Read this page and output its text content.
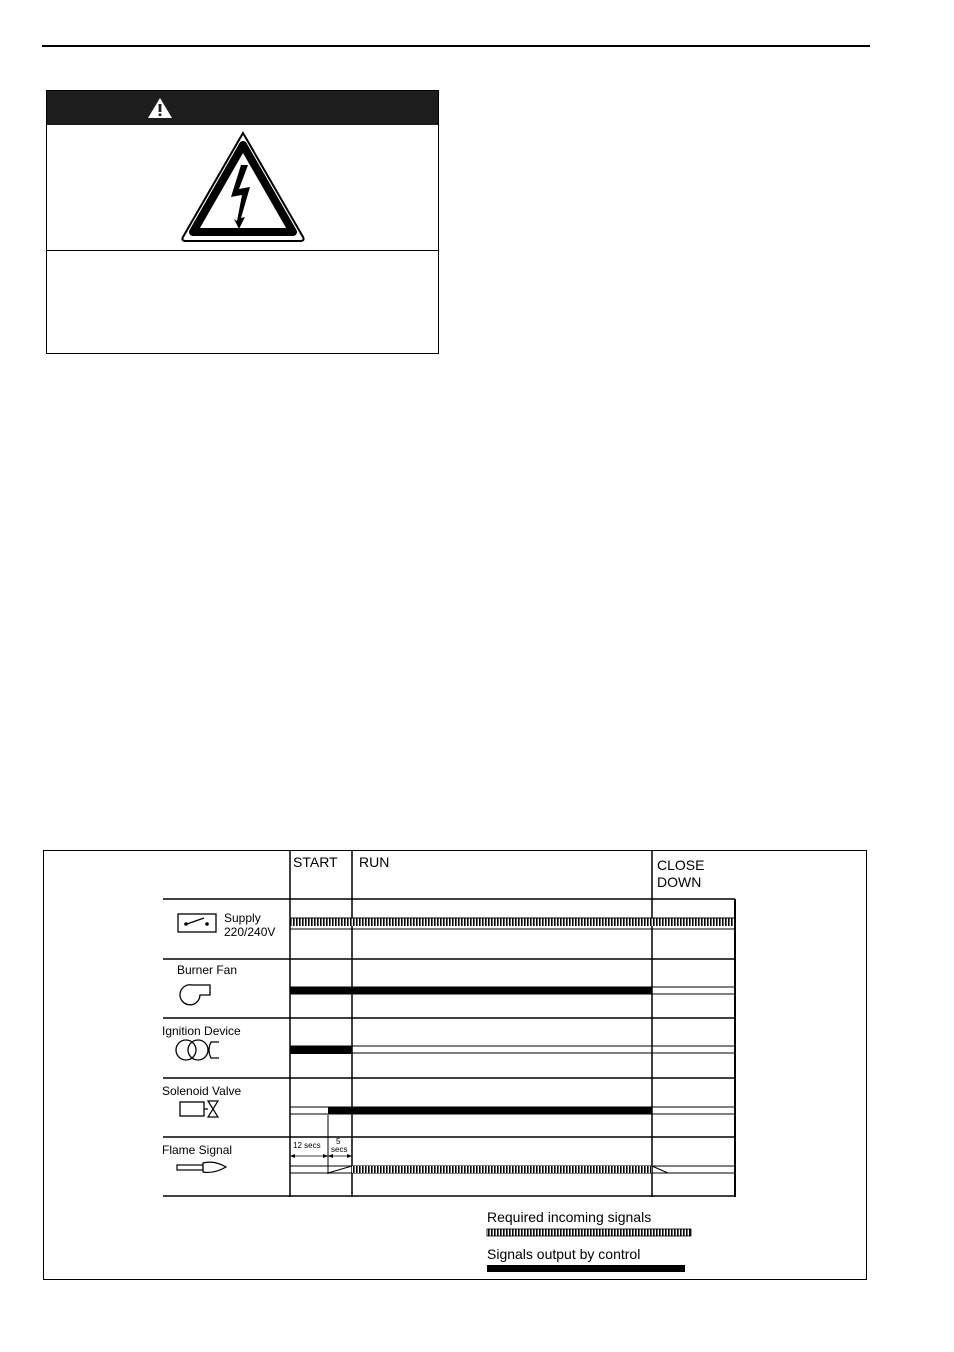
START RUN	CLOSE
DOWN
Supply
220/240V
Burner Fan
Ignition Device
Solenoid Valve
Flame Signal	12 secs 5
secs
Required incoming signals
Signals output by control
